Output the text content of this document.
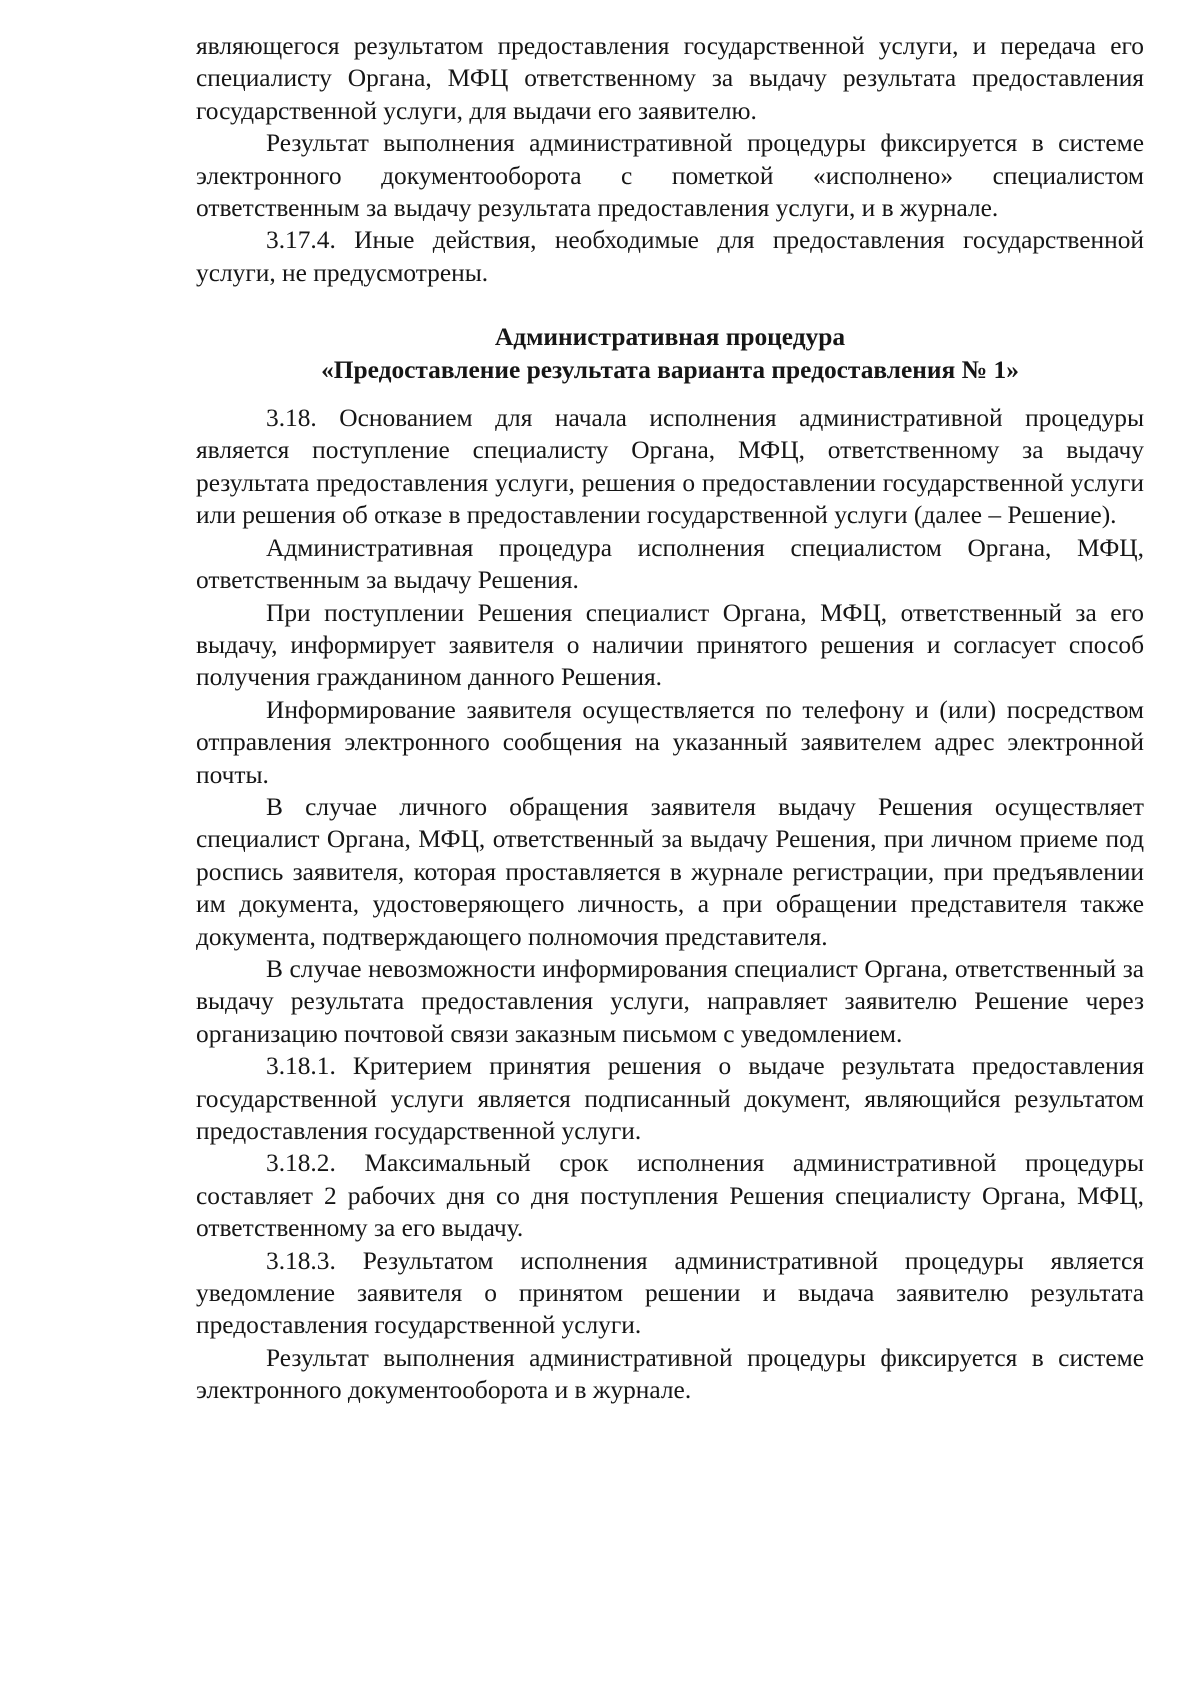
являющегося результатом предоставления государственной услуги, и передача его специалисту Органа, МФЦ ответственному за выдачу результата предоставления государственной услуги, для выдачи его заявителю.

Результат выполнения административной процедуры фиксируется в системе электронного документооборота с пометкой «исполнено» специалистом ответственным за выдачу результата предоставления услуги, и в журнале.

3.17.4. Иные действия, необходимые для предоставления государственной услуги, не предусмотрены.

Административная процедура

«Предоставление результата варианта предоставления № 1»

3.18. Основанием для начала исполнения административной процедуры является поступление специалисту Органа, МФЦ, ответственному за выдачу результата предоставления услуги, решения о предоставлении государственной услуги или решения об отказе в предоставлении государственной услуги (далее – Решение).

Административная процедура исполнения специалистом Органа, МФЦ, ответственным за выдачу Решения.

При поступлении Решения специалист Органа, МФЦ, ответственный за его выдачу, информирует заявителя о наличии принятого решения и согласует способ получения гражданином данного Решения.

Информирование заявителя осуществляется по телефону и (или) посредством отправления электронного сообщения на указанный заявителем адрес электронной почты.

В случае личного обращения заявителя выдачу Решения осуществляет специалист Органа, МФЦ, ответственный за выдачу Решения, при личном приеме под роспись заявителя, которая проставляется в журнале регистрации, при предъявлении им документа, удостоверяющего личность, а при обращении представителя также документа, подтверждающего полномочия представителя.

В случае невозможности информирования специалист Органа, ответственный за выдачу результата предоставления услуги, направляет заявителю Решение через организацию почтовой связи заказным письмом с уведомлением.

3.18.1. Критерием принятия решения о выдаче результата предоставления государственной услуги является подписанный документ, являющийся результатом предоставления государственной услуги.

3.18.2. Максимальный срок исполнения административной процедуры составляет 2 рабочих дня со дня поступления Решения специалисту Органа, МФЦ, ответственному за его выдачу.

3.18.3. Результатом исполнения административной процедуры является уведомление заявителя о принятом решении и выдача заявителю результата предоставления государственной услуги.

Результат выполнения административной процедуры фиксируется в системе электронного документооборота и в журнале.
